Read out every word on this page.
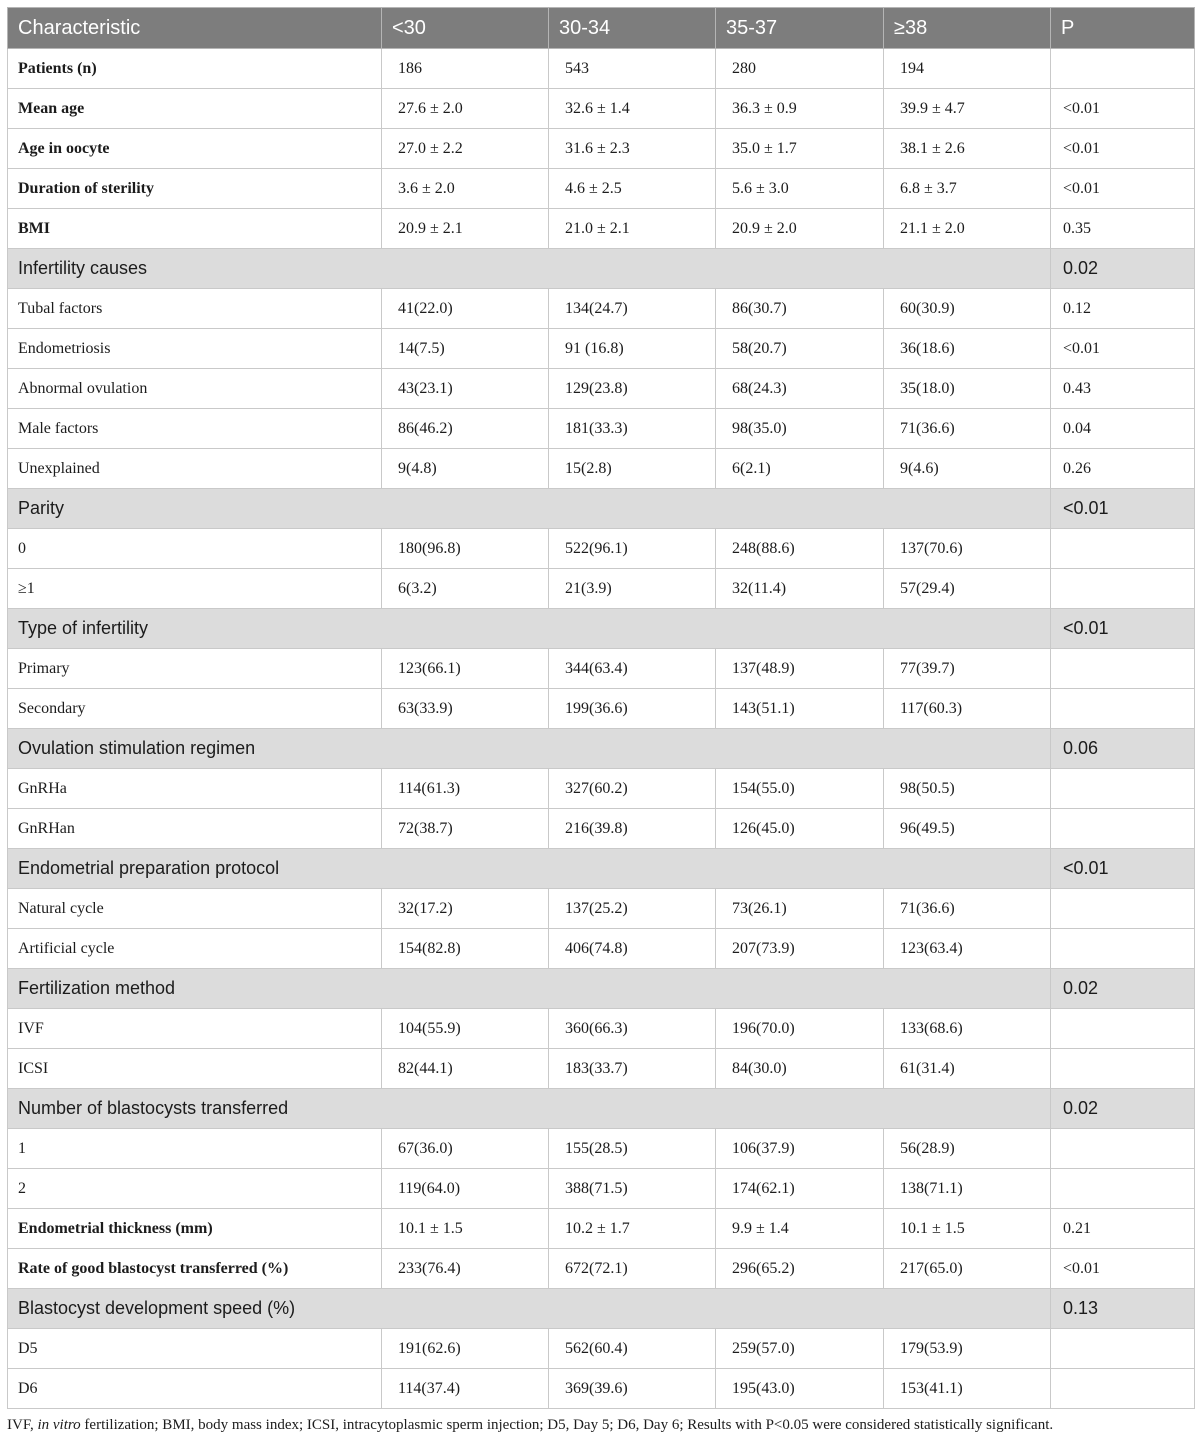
Characteristic	<30	30-34	35-37	≥38	P
Patients (n)	186	543	280	194	
Mean age	27.6 ± 2.0	32.6 ± 1.4	36.3 ± 0.9	39.9 ± 4.7	<0.01
Age in oocyte	27.0 ± 2.2	31.6 ± 2.3	35.0 ± 1.7	38.1 ± 2.6	<0.01
Duration of sterility	3.6 ± 2.0	4.6 ± 2.5	5.6 ± 3.0	6.8 ± 3.7	<0.01
BMI	20.9 ± 2.1	21.0 ± 2.1	20.9 ± 2.0	21.1 ± 2.0	0.35
Infertility causes					0.02
Tubal factors	41(22.0)	134(24.7)	86(30.7)	60(30.9)	0.12
Endometriosis	14(7.5)	91 (16.8)	58(20.7)	36(18.6)	<0.01
Abnormal ovulation	43(23.1)	129(23.8)	68(24.3)	35(18.0)	0.43
Male factors	86(46.2)	181(33.3)	98(35.0)	71(36.6)	0.04
Unexplained	9(4.8)	15(2.8)	6(2.1)	9(4.6)	0.26
Parity					<0.01
0	180(96.8)	522(96.1)	248(88.6)	137(70.6)	
≥1	6(3.2)	21(3.9)	32(11.4)	57(29.4)	
Type of infertility					<0.01
Primary	123(66.1)	344(63.4)	137(48.9)	77(39.7)	
Secondary	63(33.9)	199(36.6)	143(51.1)	117(60.3)	
Ovulation stimulation regimen					0.06
GnRHa	114(61.3)	327(60.2)	154(55.0)	98(50.5)	
GnRHan	72(38.7)	216(39.8)	126(45.0)	96(49.5)	
Endometrial preparation protocol					<0.01
Natural cycle	32(17.2)	137(25.2)	73(26.1)	71(36.6)	
Artificial cycle	154(82.8)	406(74.8)	207(73.9)	123(63.4)	
Fertilization method					0.02
IVF	104(55.9)	360(66.3)	196(70.0)	133(68.6)	
ICSI	82(44.1)	183(33.7)	84(30.0)	61(31.4)	
Number of blastocysts transferred					0.02
1	67(36.0)	155(28.5)	106(37.9)	56(28.9)	
2	119(64.0)	388(71.5)	174(62.1)	138(71.1)	
Endometrial thickness (mm)	10.1 ± 1.5	10.2 ± 1.7	9.9 ± 1.4	10.1 ± 1.5	0.21
Rate of good blastocyst transferred (%)	233(76.4)	672(72.1)	296(65.2)	217(65.0)	<0.01
Blastocyst development speed (%)					0.13
D5	191(62.6)	562(60.4)	259(57.0)	179(53.9)	
D6	114(37.4)	369(39.6)	195(43.0)	153(41.1)	
IVF, in vitro fertilization; BMI, body mass index; ICSI, intracytoplasmic sperm injection; D5, Day 5; D6, Day 6; Results with P<0.05 were considered statistically significant.
